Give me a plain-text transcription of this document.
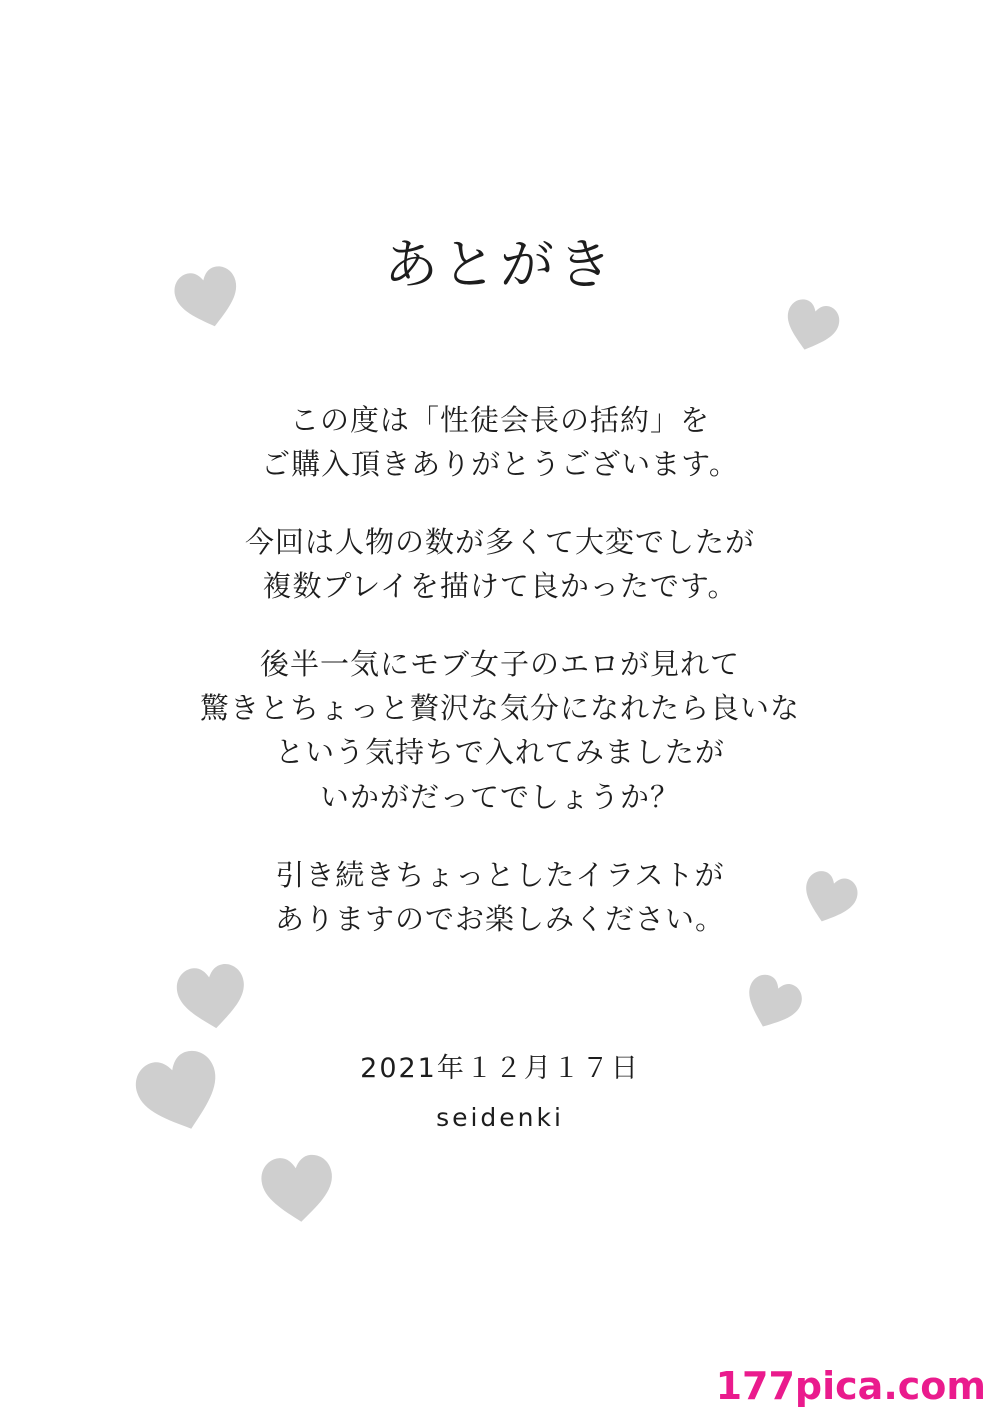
あとがき
この度は「性徒会長の括約」を
ご購入頂きありがとうございます。
今回は人物の数が多くて大変でしたが
複数プレイを描けて良かったです。
後半一気にモブ女子のエロが見れて
驚きとちょっと贅沢な気分になれたら良いな
という気持ちで入れてみましたが
いかがだってでしょうか？
引き続きちょっとしたイラストが
ありますのでお楽しみください。
2021年１２月１７日
seidenki
177pica.com
